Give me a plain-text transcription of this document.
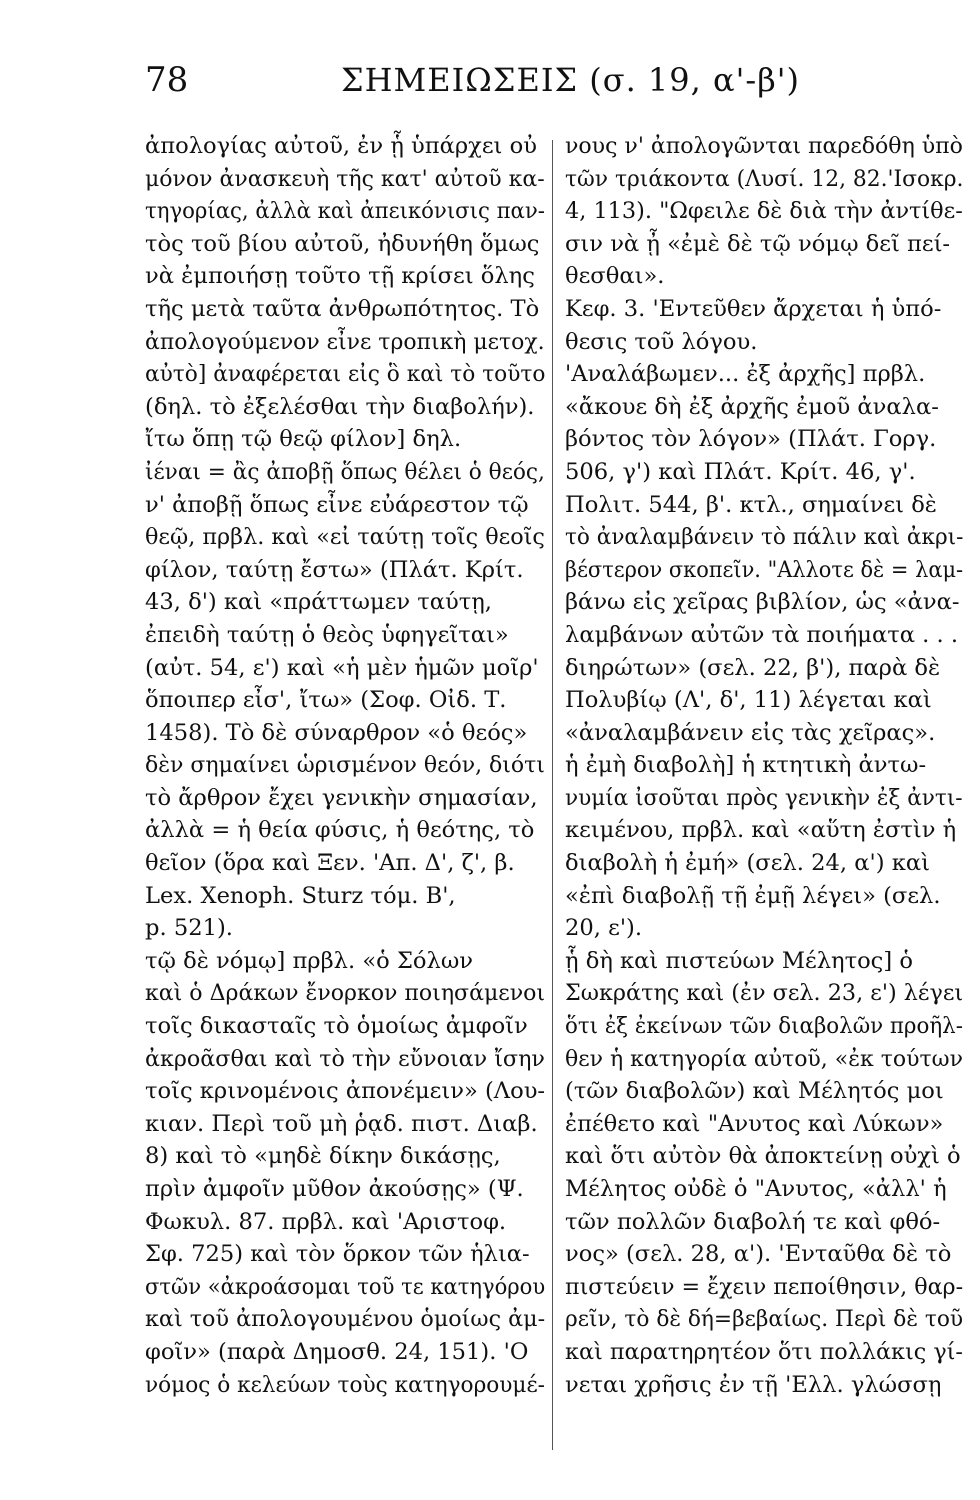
78	ΣΗΜΕΙΩΣΕΙΣ (σ. 19, α'-β')
ἀπολογίας αὐτοῦ, ἐν ᾗ ὑπάρχει οὐ
μόνον ἀνασκευὴ τῆς κατ' αὐτοῦ κα-
τηγορίας, ἀλλὰ καὶ ἀπεικόνισις παν-
τὸς τοῦ βίου αὐτοῦ, ἠδυνήθη ὅμως
νὰ ἐμποιήσῃ τοῦτο τῇ κρίσει ὅλης
τῆς μετὰ ταῦτα ἀνθρωπότητος. Τὸ
ἀπολογούμενον εἶνε τροπικὴ μετοχ.
αὐτὸ] ἀναφέρεται εἰς ὃ καὶ τὸ τοῦτο
(δηλ. τὸ ἐξελέσθαι τὴν διαβολήν).
ἴτω ὅπῃ τῷ θεῷ φίλον] δηλ.
ἰέναι = ἂς ἀποβῇ ὅπως θέλει ὁ θεός,
ν' ἀποβῇ ὅπως εἶνε εὐάρεστον τῷ
θεῷ, πρβλ. καὶ «εἰ ταύτῃ τοῖς θεοῖς
φίλον, ταύτῃ ἔστω» (Πλάτ. Κρίτ.
43, δ') καὶ «πράττωμεν ταύτῃ,
ἐπειδὴ ταύτῃ ὁ θεὸς ὑφηγεῖται»
(αὐτ. 54, ε') καὶ «ἡ μὲν ἡμῶν μοῖρ'
ὅποιπερ εἶσ', ἴτω» (Σοφ. Οἰδ. Τ.
1458). Τὸ δὲ σύναρθρον «ὁ θεός»
δὲν σημαίνει ὡρισμένον θεόν, διότι
τὸ ἄρθρον ἔχει γενικὴν σημασίαν,
ἀλλὰ = ἡ θεία φύσις, ἡ θεότης, τὸ
θεῖον (ὅρα καὶ Ξεν. 'Απ. Δ', ζ', β.
Lex. Xenoph. Sturz τόμ. Β',
p. 521).
τῷ δὲ νόμῳ] πρβλ. «ὁ Σόλων
καὶ ὁ Δράκων ἔνορκον ποιησάμενοι
τοῖς δικασταῖς τὸ ὁμοίως ἀμφοῖν
ἀκροᾶσθαι καὶ τὸ τὴν εὔνοιαν ἴσην
τοῖς κρινομένοις ἀπονέμειν» (Λου-
κιαν. Περὶ τοῦ μὴ ῥᾳδ. πιστ. Διαβ.
8) καὶ τὸ «μηδὲ δίκην δικάσῃς,
πρὶν ἀμφοῖν μῦθον ἀκούσῃς» (Ψ.
Φωκυλ. 87. πρβλ. καὶ 'Αριστοφ.
Σφ. 725) καὶ τὸν ὅρκον τῶν ἡλια-
στῶν «ἀκροάσομαι τοῦ τε κατηγόρου
καὶ τοῦ ἀπολογουμένου ὁμοίως ἀμ-
φοῖν» (παρὰ Δημοσθ. 24, 151). 'Ο
νόμος ὁ κελεύων τοὺς κατηγορουμέ-
νους ν' ἀπολογῶνται παρεδόθη ὑπὸ
τῶν τριάκοντα (Λυσί. 12, 82.'Ισοκρ.
4, 113). "Ωφειλε δὲ διὰ τὴν ἀντίθε-
σιν νὰ ᾖ «ἐμὲ δὲ τῷ νόμῳ δεῖ πεί-
θεσθαι».
Κεφ. 3. 'Εντεῦθεν ἄρχεται ἡ ὑπό-
θεσις τοῦ λόγου.
'Αναλάβωμεν... ἐξ ἀρχῆς] πρβλ.
«ἄκουε δὴ ἐξ ἀρχῆς ἐμοῦ ἀναλα-
βόντος τὸν λόγον» (Πλάτ. Γοργ.
506, γ') καὶ Πλάτ. Κρίτ. 46, γ'.
Πολιτ. 544, β'. κτλ., σημαίνει δὲ
τὸ ἀναλαμβάνειν τὸ πάλιν καὶ ἀκρι-
βέστερον σκοπεῖν. "Αλλοτε δὲ = λαμ-
βάνω εἰς χεῖρας βιβλίον, ὡς «ἀνα-
λαμβάνων αὐτῶν τὰ ποιήματα . . .
διηρώτων» (σελ. 22, β'), παρὰ δὲ
Πολυβίῳ (Λ', δ', 11) λέγεται καὶ
«ἀναλαμβάνειν εἰς τὰς χεῖρας».
ἡ ἐμὴ διαβολὴ] ἡ κτητικὴ ἀντω-
νυμία ἰσοῦται πρὸς γενικὴν ἐξ ἀντι-
κειμένου, πρβλ. καὶ «αὕτη ἐστὶν ἡ
διαβολὴ ἡ ἐμή» (σελ. 24, α') καὶ
«ἐπὶ διαβολῇ τῇ ἐμῇ λέγει» (σελ.
20, ε').
ᾗ δὴ καὶ πιστεύων Μέλητος] ὁ
Σωκράτης καὶ (ἐν σελ. 23, ε') λέγει
ὅτι ἐξ ἐκείνων τῶν διαβολῶν προῆλ-
θεν ἡ κατηγορία αὐτοῦ, «ἐκ τούτων
(τῶν διαβολῶν) καὶ Μέλητός μοι
ἐπέθετο καὶ "Ανυτος καὶ Λύκων»
καὶ ὅτι αὐτὸν θὰ ἀποκτείνῃ οὐχὶ ὁ
Μέλητος οὐδὲ ὁ "Ανυτος, «ἀλλ' ἡ
τῶν πολλῶν διαβολή τε καὶ φθό-
νος» (σελ. 28, α'). 'Ενταῦθα δὲ τὸ
πιστεύειν = ἔχειν πεποίθησιν, θαρ-
ρεῖν, τὸ δὲ δή=βεβαίως. Περὶ δὲ τοῦ
καὶ παρατηρητέον ὅτι πολλάκις γί-
νεται χρῆσις ἐν τῇ 'Ελλ. γλώσσῃ
